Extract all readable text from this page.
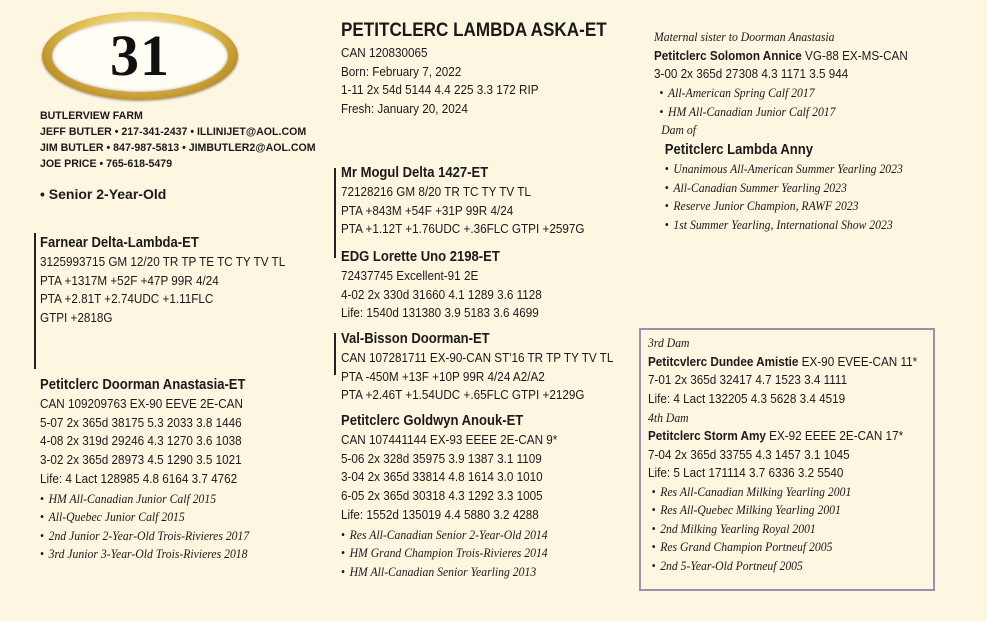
31
BUTLERVIEW FARM
JEFF BUTLER • 217-341-2437 • ILLINIJET@AOL.COM
JIM BUTLER • 847-987-5813 • JIMBUTLER2@AOL.COM
JOE PRICE • 765-618-5479
• Senior 2-Year-Old
Farnear Delta-Lambda-ET
3125993715 GM 12/20 TR TP TE TC TY TV TL
PTA +1317M +52F +47P 99R 4/24
PTA +2.81T +2.74UDC +1.11FLC
GTPI +2818G
Petitclerc Doorman Anastasia-ET
CAN 109209763 EX-90 EEVE 2E-CAN
5-07 2x 365d 38175 5.3 2033 3.8 1446
4-08 2x 319d 29246 4.3 1270 3.6 1038
3-02 2x 365d 28973 4.5 1290 3.5 1021
Life: 4 Lact 128985 4.8 6164 3.7 4762
• HM All-Canadian Junior Calf 2015
• All-Quebec Junior Calf 2015
• 2nd Junior 2-Year-Old Trois-Rivieres 2017
• 3rd Junior 3-Year-Old Trois-Rivieres 2018
PETITCLERC LAMBDA ASKA-ET
CAN 120830065
Born: February 7, 2022
1-11 2x 54d 5144 4.4 225 3.3 172 RIP
Fresh: January 20, 2024
Mr Mogul Delta 1427-ET
72128216 GM 8/20 TR TC TY TV TL
PTA +843M +54F +31P 99R 4/24
PTA +1.12T +1.76UDC +.36FLC GTPI +2597G
EDG Lorette Uno 2198-ET
72437745 Excellent-91 2E
4-02 2x 330d 31660 4.1 1289 3.6 1128
Life: 1540d 131380 3.9 5183 3.6 4699
Val-Bisson Doorman-ET
CAN 107281711 EX-90-CAN ST'16 TR TP TY TV TL
PTA -450M +13F +10P 99R 4/24 A2/A2
PTA +2.46T +1.54UDC +.65FLC GTPI +2129G
Petitclerc Goldwyn Anouk-ET
CAN 107441144 EX-93 EEEE 2E-CAN 9*
5-06 2x 328d 35975 3.9 1387 3.1 1109
3-04 2x 365d 33814 4.8 1614 3.0 1010
6-05 2x 365d 30318 4.3 1292 3.3 1005
Life: 1552d 135019 4.4 5880 3.2 4288
• Res All-Canadian Senior 2-Year-Old 2014
• HM Grand Champion Trois-Rivieres 2014
• HM All-Canadian Senior Yearling 2013
Maternal sister to Doorman Anastasia
Petitclerc Solomon Annice VG-88 EX-MS-CAN
3-00 2x 365d 27308 4.3 1171 3.5 944
• All-American Spring Calf 2017
• HM All-Canadian Junior Calf 2017
Dam of
Petitclerc Lambda Anny
• Unanimous All-American Summer Yearling 2023
• All-Canadian Summer Yearling 2023
• Reserve Junior Champion, RAWF 2023
• 1st Summer Yearling, International Show 2023
3rd Dam
Petitcvlerc Dundee Amistie EX-90 EVEE-CAN 11*
7-01 2x 365d 32417 4.7 1523 3.4 1111
Life: 4 Lact 132205 4.3 5628 3.4 4519
4th Dam
Petitclerc Storm Amy EX-92 EEEE 2E-CAN 17*
7-04 2x 365d 33755 4.3 1457 3.1 1045
Life: 5 Lact 171114 3.7 6336 3.2 5540
• Res All-Canadian Milking Yearling 2001
• Res All-Quebec Milking Yearling 2001
• 2nd Milking Yearling Royal 2001
• Res Grand Champion Portneuf 2005
• 2nd 5-Year-Old Portneuf 2005
